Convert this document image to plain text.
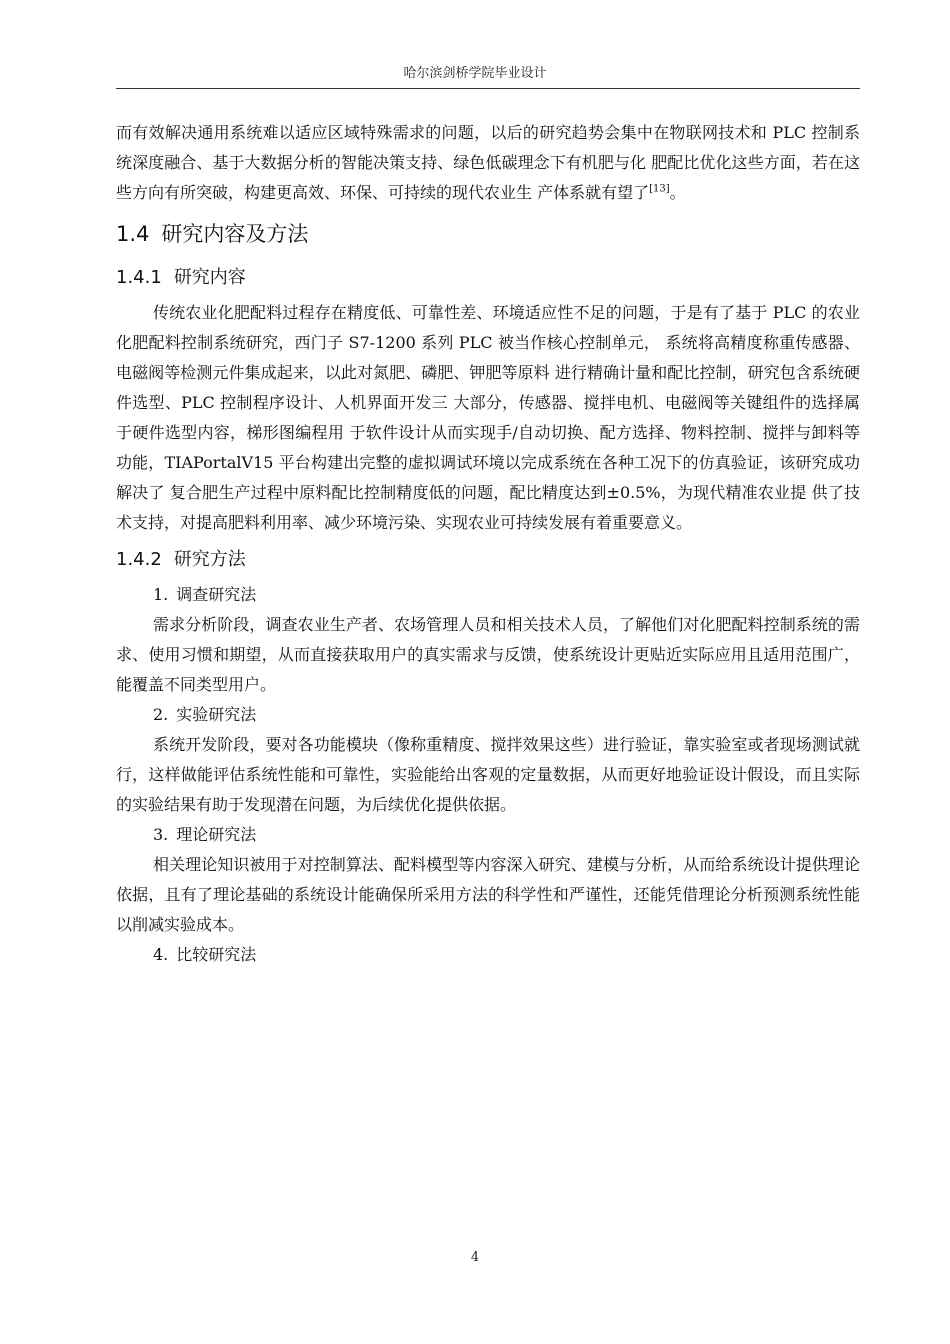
哈尔滨剑桥学院毕业设计

而有效解决通用系统难以适应区域特殊需求的问题，以后的研究趋势会集中在物联网技术和 PLC 控制系统深度融合、基于大数据分析的智能决策支持、绿色低碳理念下有机肥与化 肥配比优化这些方面，若在这些方向有所突破，构建更高效、环保、可持续的现代农业生 产体系就有望了[13]。

1.4 研究内容及方法
1.4.1 研究内容

传统农业化肥配料过程存在精度低、可靠性差、环境适应性不足的问题，于是有了基于 PLC 的农业化肥配料控制系统研究，西门子 S7-1200 系列 PLC 被当作核心控制单元， 系统将高精度称重传感器、电磁阀等检测元件集成起来，以此对氮肥、磷肥、钾肥等原料 进行精确计量和配比控制，研究包含系统硬件选型、PLC 控制程序设计、人机界面开发三 大部分，传感器、搅拌电机、电磁阀等关键组件的选择属于硬件选型内容，梯形图编程用 于软件设计从而实现手/自动切换、配方选择、物料控制、搅拌与卸料等功能，TIAPortalV15 平台构建出完整的虚拟调试环境以完成系统在各种工况下的仿真验证，该研究成功解决了 复合肥生产过程中原料配比控制精度低的问题，配比精度达到±0.5%，为现代精准农业提 供了技术支持，对提高肥料利用率、减少环境污染、实现农业可持续发展有着重要意义。

1.4.2 研究方法

1. 调查研究法

需求分析阶段，调查农业生产者、农场管理人员和相关技术人员，了解他们对化肥配料控制系统的需求、使用习惯和期望，从而直接获取用户的真实需求与反馈，使系统设计更贴近实际应用且适用范围广，能覆盖不同类型用户。

2. 实验研究法

系统开发阶段，要对各功能模块（像称重精度、搅拌效果这些）进行验证，靠实验室或者现场测试就行，这样做能评估系统性能和可靠性，实验能给出客观的定量数据，从而更好地验证设计假设，而且实际的实验结果有助于发现潜在问题，为后续优化提供依据。

3. 理论研究法

相关理论知识被用于对控制算法、配料模型等内容深入研究、建模与分析，从而给系统设计提供理论依据，且有了理论基础的系统设计能确保所采用方法的科学性和严谨性，还能凭借理论分析预测系统性能以削减实验成本。

4. 比较研究法

4
